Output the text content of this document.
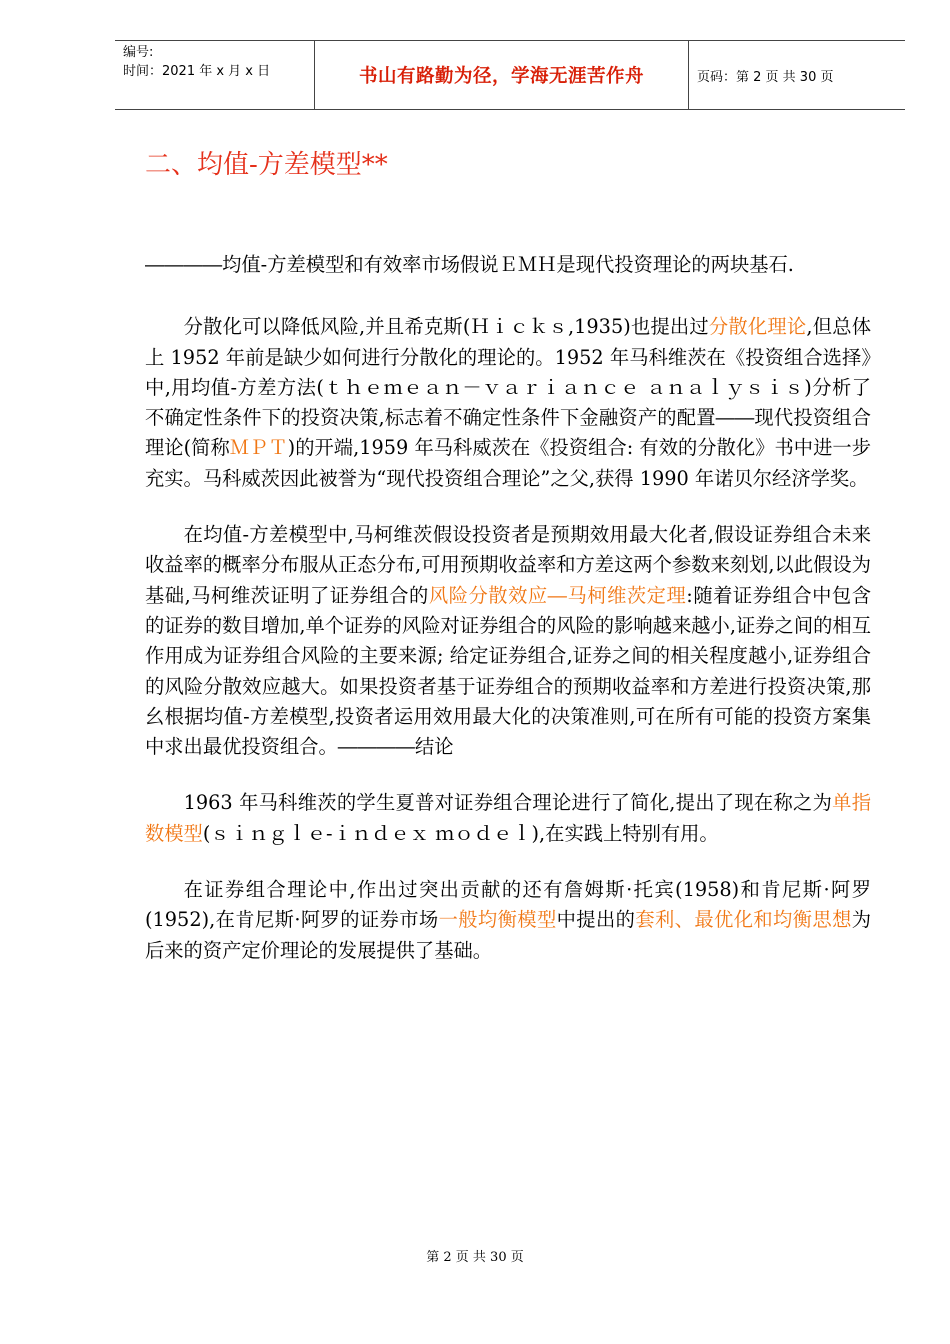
编号:
时间：2021 年 x 月 x 日	书山有路勤为径，学海无涯苦作舟	页码：第 2 页 共 30 页
二、均值-方差模型**

――――均值-方差模型和有效率市场假说ＥＭＨ是现代投资理论的两块基石.

分散化可以降低风险,并且希克斯(Ｈｉｃｋｓ,1935)也提出过分散化理论,但总体上 1952 年前是缺少如何进行分散化的理论的。1952 年马科维茨在《投资组合选择》中,用均值-方差方法(ｔｈｅｍｅａｎ－ｖａｒｉａｎｃｅ ａｎａｌｙｓｉｓ)分析了不确定性条件下的投资决策,标志着不确定性条件下金融资产的配置――现代投资组合理论(简称ＭＰＴ)的开端,1959 年马科威茨在《投资组合: 有效的分散化》书中进一步充实。马科威茨因此被誉为“现代投资组合理论”之父,获得 1990 年诺贝尔经济学奖。

在均值-方差模型中,马柯维茨假设投资者是预期效用最大化者,假设证券组合未来收益率的概率分布服从正态分布,可用预期收益率和方差这两个参数来刻划,以此假设为基础,马柯维茨证明了证券组合的风险分散效应―马柯维茨定理:随着证券组合中包含的证券的数目增加,单个证券的风险对证券组合的风险的影响越来越小,证券之间的相互作用成为证券组合风险的主要来源; 给定证券组合,证券之间的相关程度越小,证券组合的风险分散效应越大。如果投资者基于证券组合的预期收益率和方差进行投资决策,那幺根据均值-方差模型,投资者运用效用最大化的决策准则,可在所有可能的投资方案集中求出最优投资组合。――――结论

1963 年马科维茨的学生夏普对证券组合理论进行了简化,提出了现在称之为单指数模型(ｓｉｎｇｌｅ-ｉｎｄｅｘ ｍｏｄｅｌ),在实践上特别有用。

在证券组合理论中,作出过突出贡献的还有詹姆斯·托宾(1958)和肯尼斯·阿罗(1952),在肯尼斯·阿罗的证券市场一般均衡模型中提出的套利、最优化和均衡思想为后来的资产定价理论的发展提供了基础。

第 2 页 共 30 页
